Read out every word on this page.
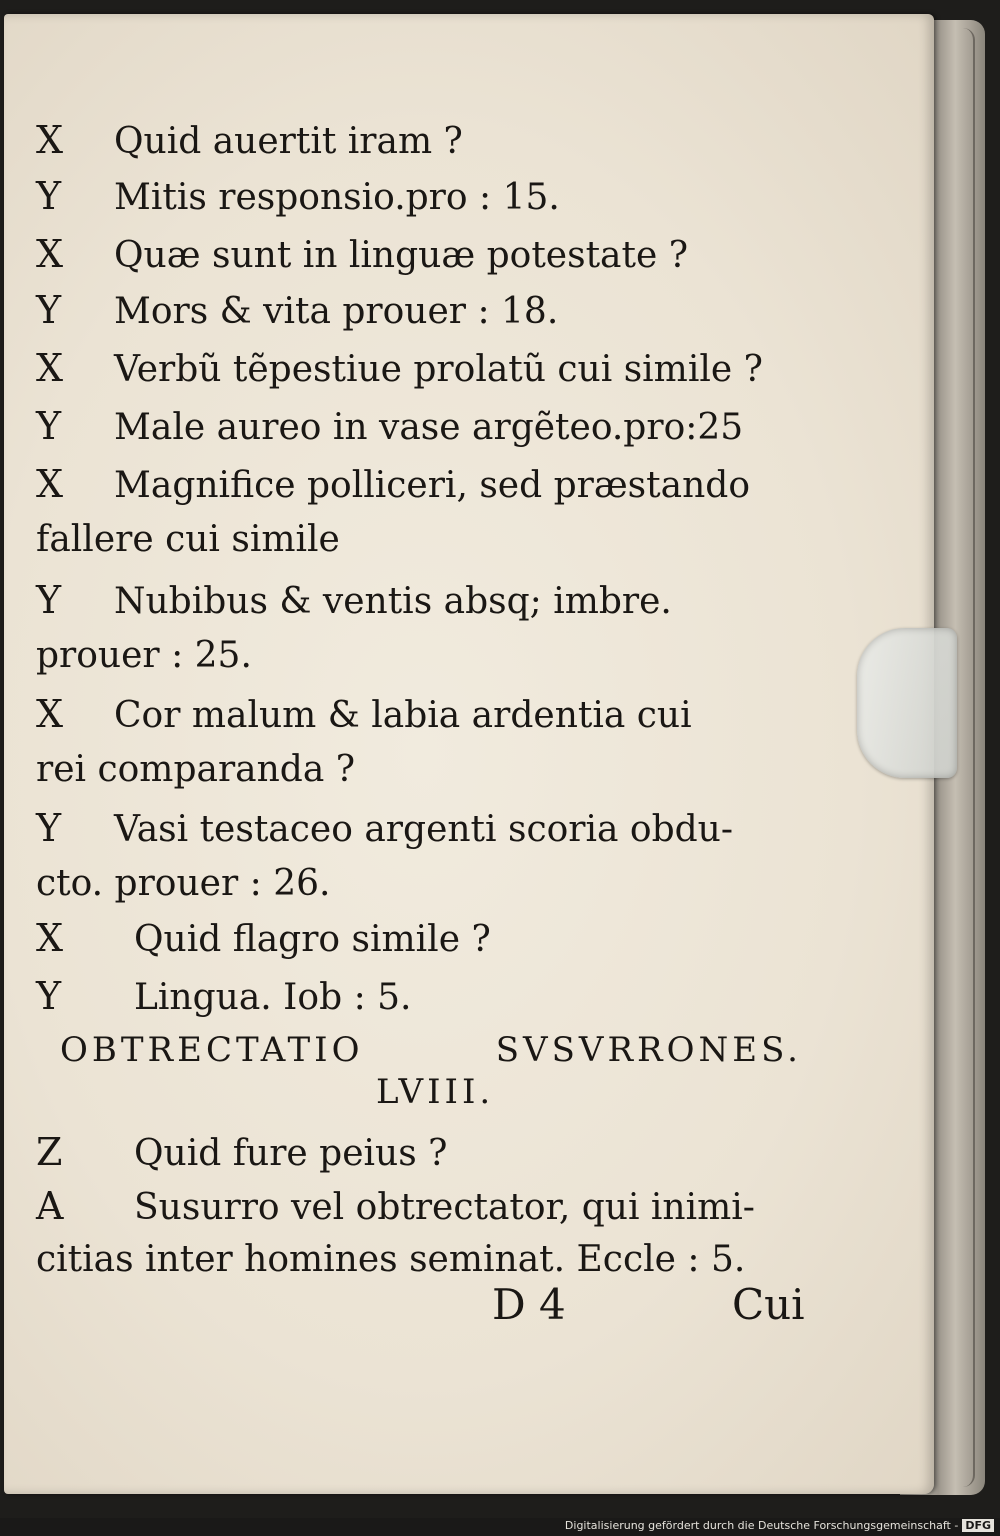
X Quid auertit iram ?
Y Mitis responsio.pro : 15.
X Quæ sunt in linguæ potestate ?
Y Mors & vita prouer : 18.
X Verbũ tẽpestiue prolatũ cui simile ?
Y Male aureo in vase argẽteo.pro:25
X Magnifice polliceri, sed præstando
fallere cui simile
Y Nubibus & ventis absq; imbre.
prouer : 25.
X Cor malum & labia ardentia cui
rei comparanda ?
Y Vasi testaceo argenti scoria obdu-
cto. prouer : 26.
X Quid flagro simile ?
Y Lingua. Iob : 5.
OBTRECTATIO	SVSVRRONES.
LVIII.
Z Quid fure peius ?
A Susurro vel obtrectator, qui inimi-
citias inter homines seminat. Eccle : 5.
D 4	Cui
Digitalisierung gefördert durch die Deutsche Forschungsgemeinschaft - DFG
